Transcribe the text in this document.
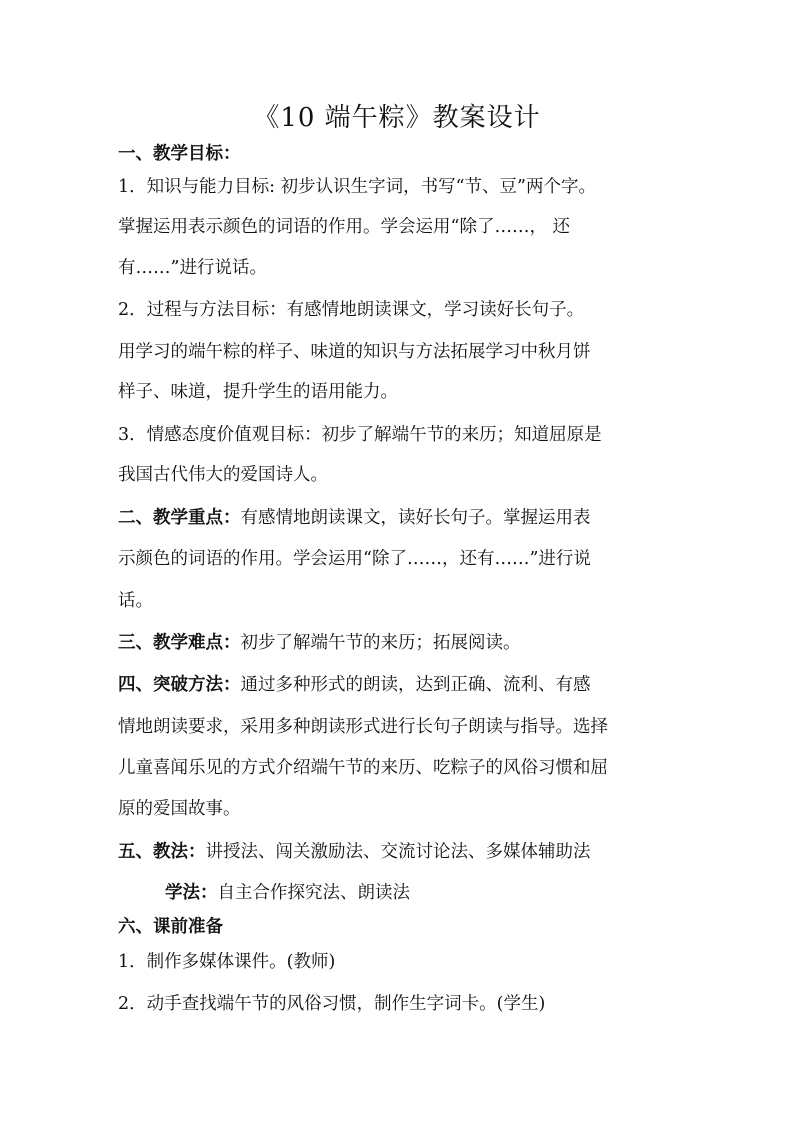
《10 端午粽》教案设计
一、教学目标：
1．知识与能力目标: 初步认识生字词，书写“节、豆”两个字。
掌握运用表示颜色的词语的作用。学会运用“除了……， 还
有……”进行说话。
2．过程与方法目标：有感情地朗读课文，学习读好长句子。
用学习的端午粽的样子、味道的知识与方法拓展学习中秋月饼
样子、味道，提升学生的语用能力。
3．情感态度价值观目标：初步了解端午节的来历；知道屈原是
我国古代伟大的爱国诗人。
二、教学重点：有感情地朗读课文，读好长句子。掌握运用表
示颜色的词语的作用。学会运用“除了……，还有……”进行说
话。
三、教学难点：初步了解端午节的来历；拓展阅读。
四、突破方法：通过多种形式的朗读，达到正确、流利、有感
情地朗读要求，采用多种朗读形式进行长句子朗读与指导。选择
儿童喜闻乐见的方式介绍端午节的来历、吃粽子的风俗习惯和屈
原的爱国故事。
五、教法：讲授法、闯关激励法、交流讨论法、多媒体辅助法
学法：自主合作探究法、朗读法
六、课前准备
1．制作多媒体课件。(教师)
2．动手查找端午节的风俗习惯，制作生字词卡。(学生)
